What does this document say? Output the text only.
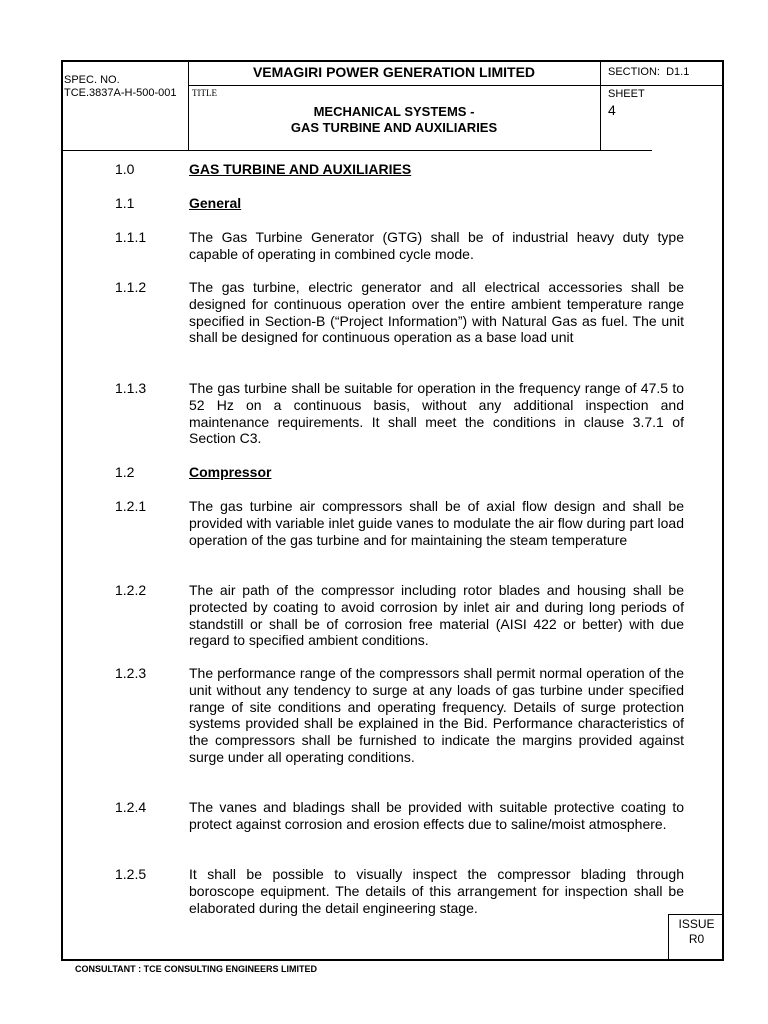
SPEC. NO.
TCE.3837A-H-500-001
VEMAGIRI POWER GENERATION LIMITED
TITLE
MECHANICAL SYSTEMS -
GAS TURBINE AND AUXILIARIES
SECTION: D1.1
SHEET
4
1.0	GAS TURBINE AND AUXILIARIES
1.1	General
1.1.1	The Gas Turbine Generator (GTG) shall be of industrial heavy duty type capable of operating in combined cycle mode.
1.1.2	The gas turbine, electric generator and all electrical accessories shall be designed for continuous operation over the entire ambient temperature range specified in Section-B (“Project Information”) with Natural Gas as fuel. The unit shall be designed for continuous operation as a base load unit
1.1.3	The gas turbine shall be suitable for operation in the frequency range of 47.5 to 52 Hz on a continuous basis, without any additional inspection and maintenance requirements. It shall meet the conditions in clause 3.7.1 of Section C3.
1.2	Compressor
1.2.1	The gas turbine air compressors shall be of axial flow design and shall be provided with variable inlet guide vanes to modulate the air flow during part load operation of the gas turbine and for maintaining the steam temperature
1.2.2	The air path of the compressor including rotor blades and housing shall be protected by coating to avoid corrosion by inlet air and during long periods of standstill or shall be of corrosion free material (AISI 422 or better) with due regard to specified ambient conditions.
1.2.3	The performance range of the compressors shall permit normal operation of the unit without any tendency to surge at any loads of gas turbine under specified range of site conditions and operating frequency. Details of surge protection systems provided shall be explained in the Bid. Performance characteristics of the compressors shall be furnished to indicate the margins provided against surge under all operating conditions.
1.2.4	The vanes and bladings shall be provided with suitable protective coating to protect against corrosion and erosion effects due to saline/moist atmosphere.
1.2.5	It shall be possible to visually inspect the compressor blading through boroscope equipment. The details of this arrangement for inspection shall be elaborated during the detail engineering stage.
ISSUE
R0
CONSULTANT : TCE CONSULTING ENGINEERS LIMITED
